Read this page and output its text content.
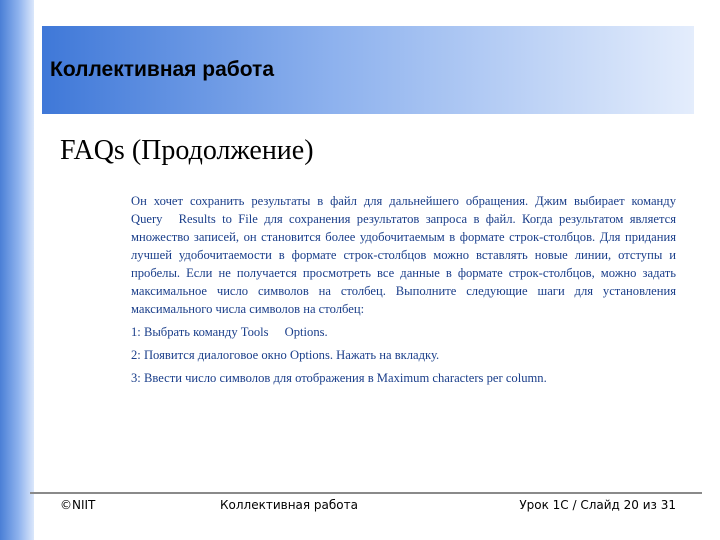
Коллективная работа
FAQs (Продолжение)

Он хочет сохранить результаты в файл для дальнейшего обращения. Джим выбирает команду Query Results to File для сохранения результатов запроса в файл. Когда результатом является множество записей, он становится более удобочитаемым в формате строк-столбцов. Для придания лучшей удобочитаемости в формате строк-столбцов можно вставлять новые линии, отступы и пробелы. Если не получается просмотреть все данные в формате строк-столбцов, можно задать максимальное число символов на столбец. Выполните следующие шаги для установления максимального числа символов на столбец:

1: Выбрать команду Tools Options.

2: Появится диалоговое окно Options. Нажать на вкладку.

3: Ввести число символов для отображения в Maximum characters per column.

©NIIT	Коллективная работа	Урок 1C / Слайд 20 из 31
